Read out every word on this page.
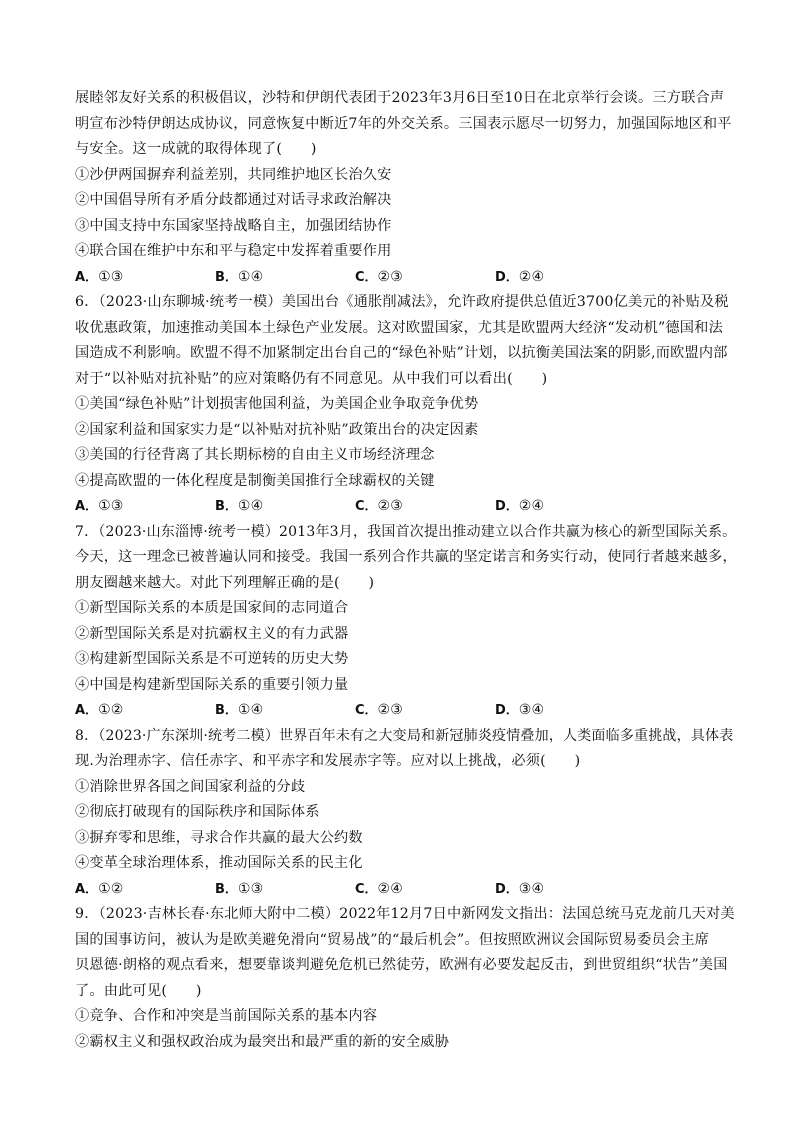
展睦邻友好关系的积极倡议，沙特和伊朗代表团于2023年3月6日至10日在北京举行会谈。三方联合声
明宣布沙特伊朗达成协议，同意恢复中断近7年的外交关系。三国表示愿尽一切努力，加强国际地区和平
与安全。这一成就的取得体现了(　　)
①沙伊两国摒弃利益差别，共同维护地区长治久安
②中国倡导所有矛盾分歧都通过对话寻求政治解决
③中国支持中东国家坚持战略自主，加强团结协作
④联合国在维护中东和平与稳定中发挥着重要作用
A．①③	B．①④	C．②③	D．②④
6．（2023·山东聊城·统考一模）美国出台《通胀削减法》，允许政府提供总值近3700亿美元的补贴及税
收优惠政策，加速推动美国本土绿色产业发展。这对欧盟国家，尤其是欧盟两大经济“发动机”德国和法
国造成不利影响。欧盟不得不加紧制定出台自己的“绿色补贴”计划，以抗衡美国法案的阴影,而欧盟内部
对于“以补贴对抗补贴”的应对策略仍有不同意见。从中我们可以看出(　　)
①美国“绿色补贴”计划损害他国利益，为美国企业争取竞争优势
②国家利益和国家实力是“以补贴对抗补贴”政策出台的决定因素
③美国的行径背离了其长期标榜的自由主义市场经济理念
④提高欧盟的一体化程度是制衡美国推行全球霸权的关键
A．①③	B．①④	C．②③	D．②④
7．（2023·山东淄博·统考一模）2013年3月，我国首次提出推动建立以合作共赢为核心的新型国际关系。
今天，这一理念已被普遍认同和接受。我国一系列合作共赢的坚定诺言和务实行动，使同行者越来越多，
朋友圈越来越大。对此下列理解正确的是(　　)
①新型国际关系的本质是国家间的志同道合
②新型国际关系是对抗霸权主义的有力武器
③构建新型国际关系是不可逆转的历史大势
④中国是构建新型国际关系的重要引领力量
A．①②	B．①④	C．②③	D．③④
8．（2023·广东深圳·统考二模）世界百年未有之大变局和新冠肺炎疫情叠加，人类面临多重挑战，具体表
现.为治理赤字、信任赤字、和平赤字和发展赤字等。应对以上挑战，必须(　　)
①消除世界各国之间国家利益的分歧
②彻底打破现有的国际秩序和国际体系
③摒弃零和思维，寻求合作共赢的最大公约数
④变革全球治理体系，推动国际关系的民主化
A．①②	B．①③	C．②④	D．③④
9．（2023·吉林长春·东北师大附中二模）2022年12月7日中新网发文指出：法国总统马克龙前几天对美
国的国事访问，被认为是欧美避免滑向“贸易战”的“最后机会”。但按照欧洲议会国际贸易委员会主席
贝恩德·朗格的观点看来，想要靠谈判避免危机已然徒劳，欧洲有必要发起反击，到世贸组织“状告”美国
了。由此可见(　　)
①竞争、合作和冲突是当前国际关系的基本内容
②霸权主义和强权政治成为最突出和最严重的新的安全威胁
